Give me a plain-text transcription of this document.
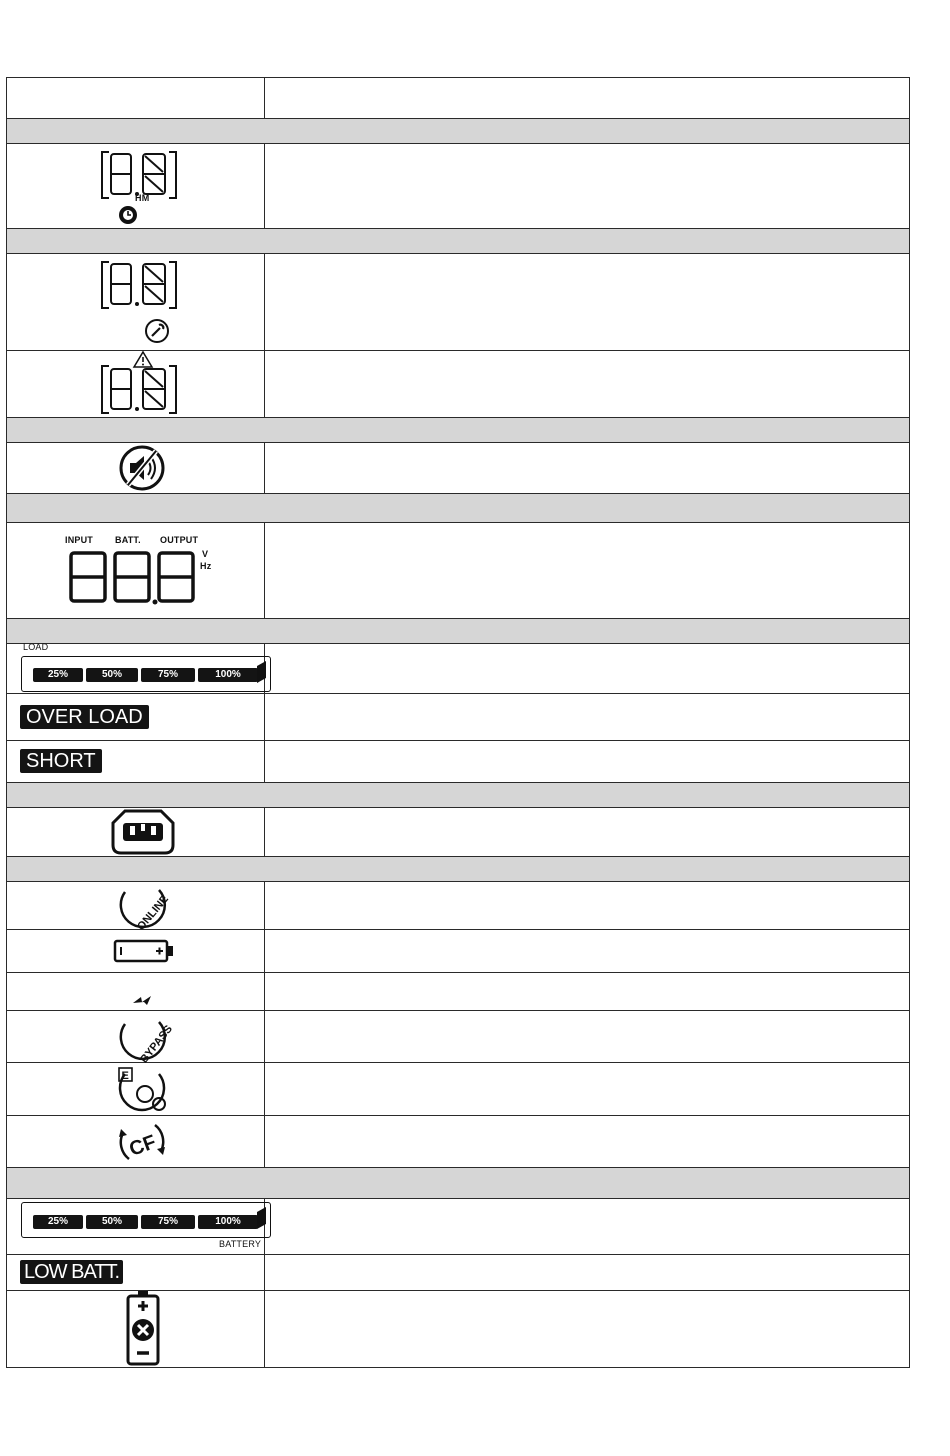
HM	

INPUT BATT. OUTPUT
V
Hz	

LOAD
25% 50% 75% 100%	

OVER LOAD	

SHORT	

ONLINE	

BYPASS	

E	

CF	

25% 50% 75% 100%
BATTERY	

LOW BATT.	
